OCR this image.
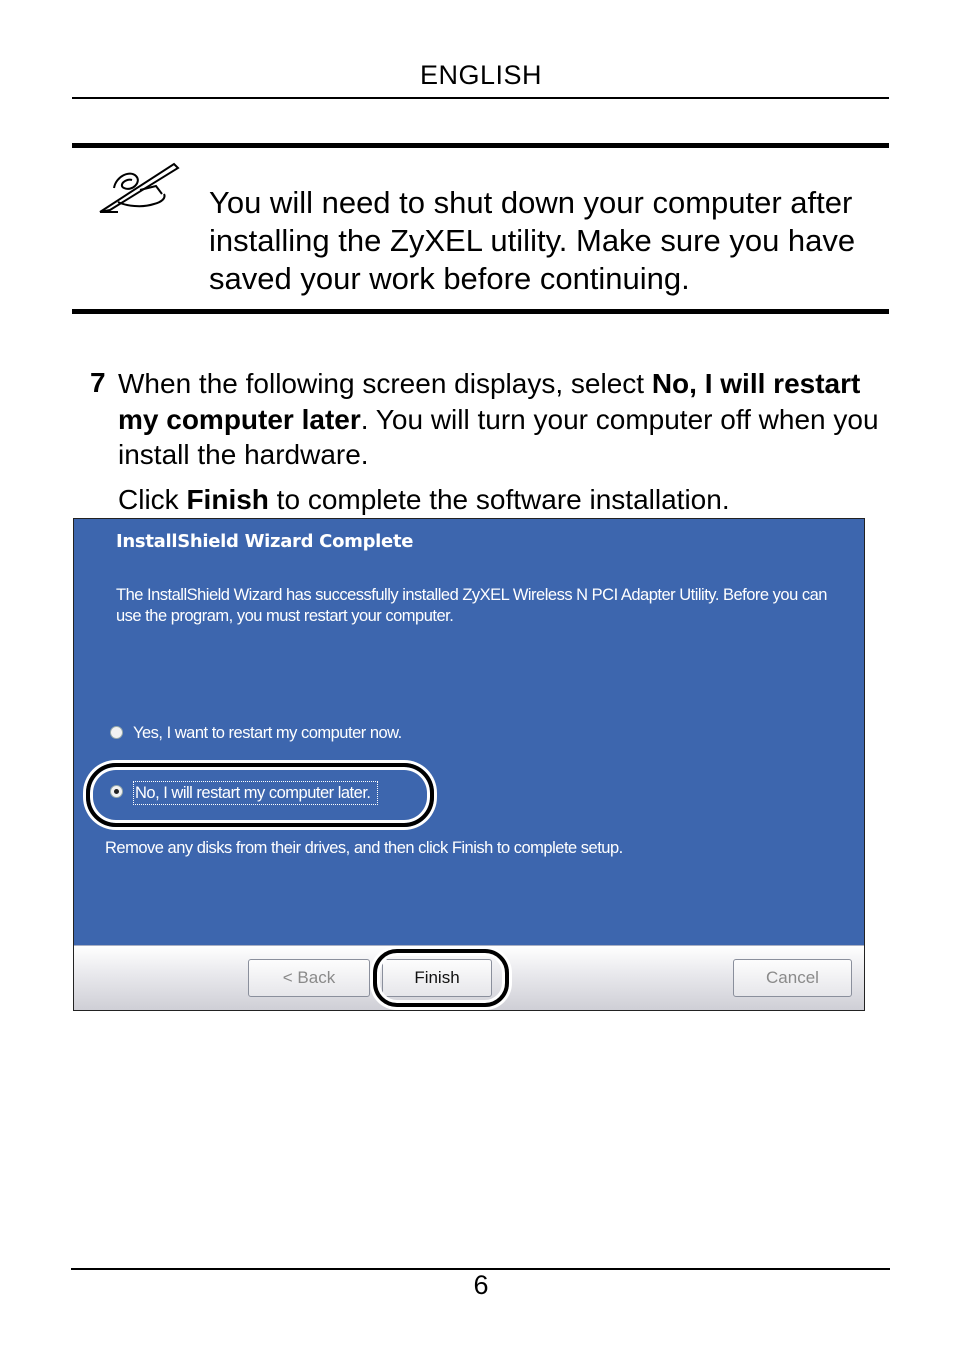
ENGLISH
You will need to shut down your computer after installing the ZyXEL utility. Make sure you have saved your work before continuing.
7 When the following screen displays, select No, I will restart my computer later. You will turn your computer off when you install the hardware.
Click Finish to complete the software installation.
InstallShield Wizard Complete
The InstallShield Wizard has successfully installed ZyXEL Wireless N PCI Adapter Utility. Before you can use the program, you must restart your computer.
Yes, I want to restart my computer now.
No, I will restart my computer later.
Remove any disks from their drives, and then click Finish to complete setup.
< Back	Finish	Cancel
6
